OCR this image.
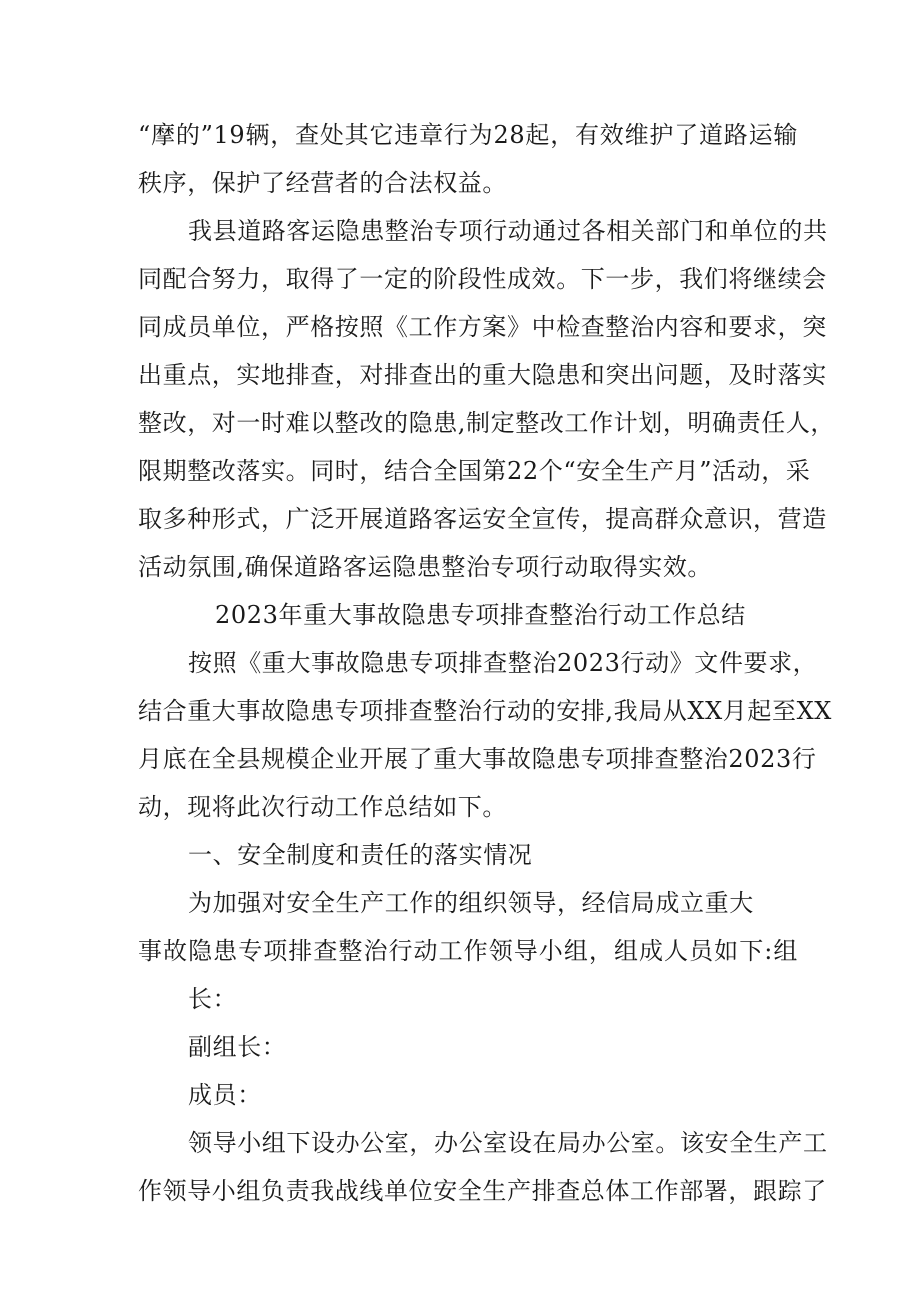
“摩的”19辆，查处其它违章行为28起，有效维护了道路运输
秩序，保护了经营者的合法权益。
我县道路客运隐患整治专项行动通过各相关部门和单位的共
同配合努力，取得了一定的阶段性成效。下一步，我们将继续会
同成员单位，严格按照《工作方案》中检查整治内容和要求，突
出重点，实地排查，对排查出的重大隐患和突出问题，及时落实
整改，对一时难以整改的隐患,制定整改工作计划，明确责任人，
限期整改落实。同时，结合全国第22个“安全生产月”活动，采
取多种形式，广泛开展道路客运安全宣传，提高群众意识，营造
活动氛围,确保道路客运隐患整治专项行动取得实效。
2023年重大事故隐患专项排查整治行动工作总结
按照《重大事故隐患专项排查整治2023行动》文件要求，
结合重大事故隐患专项排查整治行动的安排,我局从XX月起至XX
月底在全县规模企业开展了重大事故隐患专项排查整治2023行
动，现将此次行动工作总结如下。
一、安全制度和责任的落实情况
为加强对安全生产工作的组织领导，经信局成立重大
事故隐患专项排查整治行动工作领导小组，组成人员如下:组
长：
副组长：
成员：
领导小组下设办公室，办公室设在局办公室。该安全生产工
作领导小组负责我战线单位安全生产排查总体工作部署，跟踪了
